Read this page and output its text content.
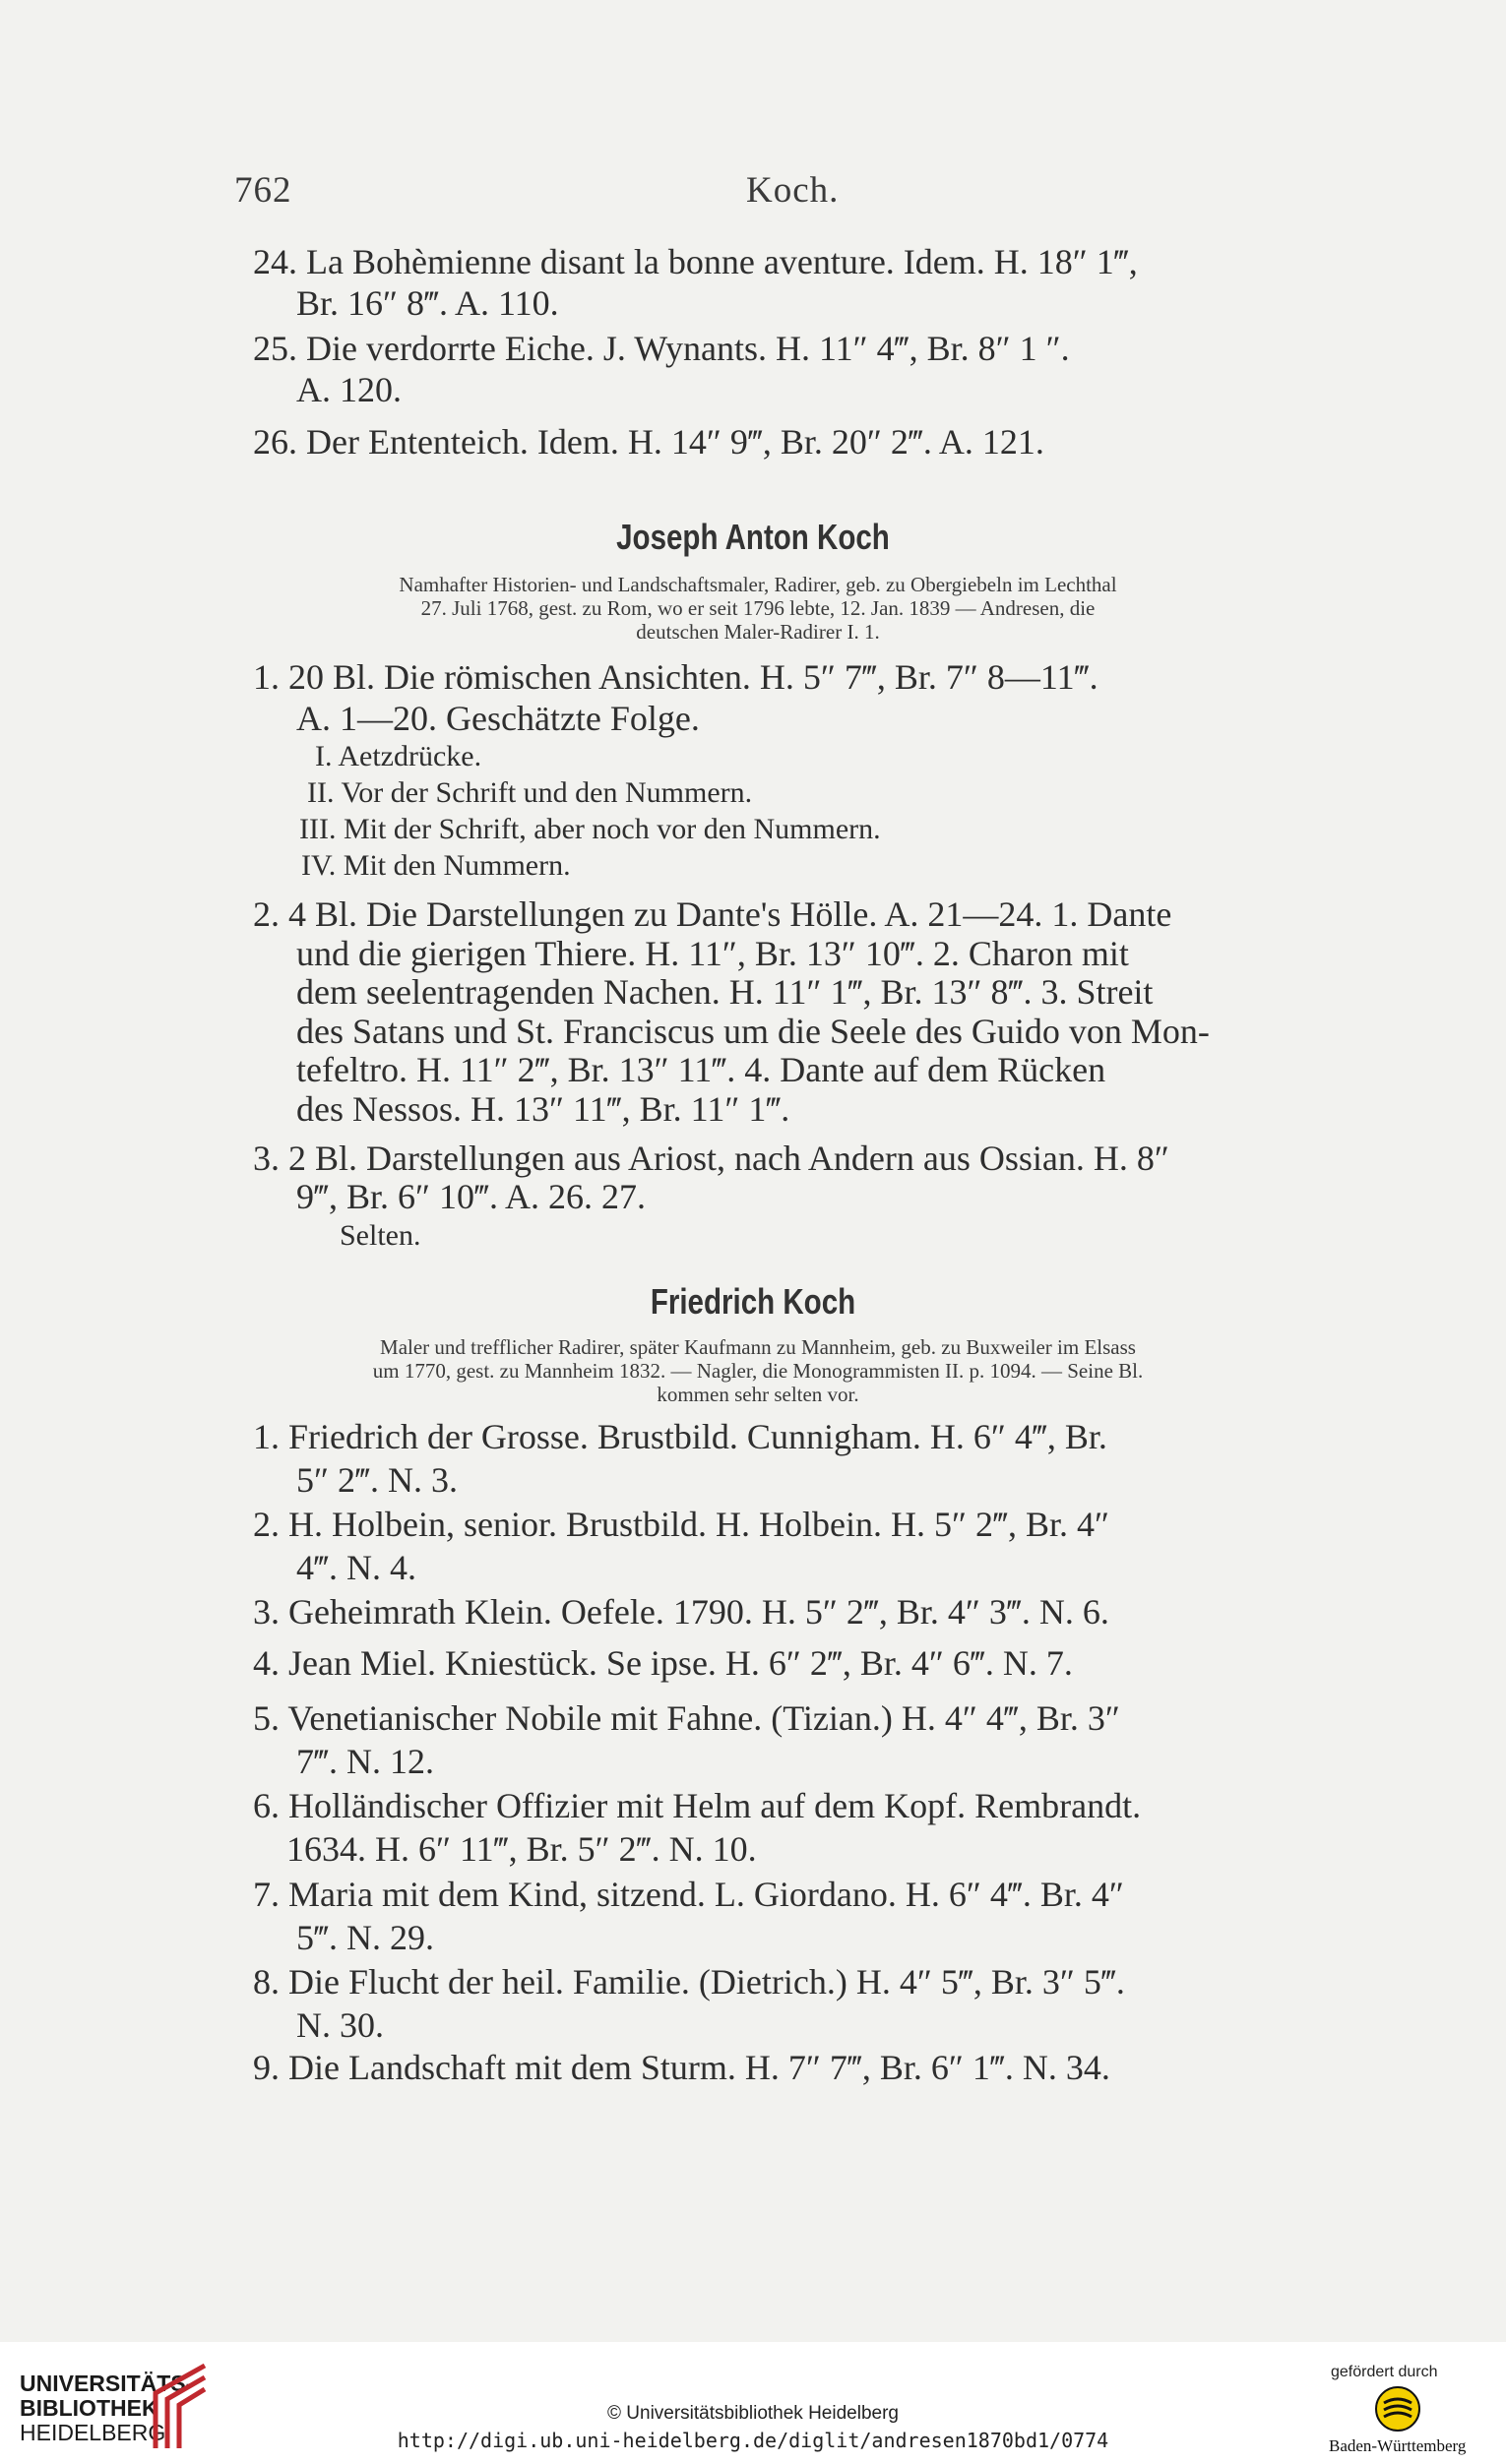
762	Koch.
24. La Bohèmienne disant la bonne aventure. Idem. H. 18″ 1‴,
Br. 16″ 8‴. A. 110.
25. Die verdorrte Eiche. J. Wynants. H. 11″ 4‴, Br. 8″ 1 ″.
A. 120.
26. Der Ententeich. Idem. H. 14″ 9‴, Br. 20″ 2‴. A. 121.
Joseph Anton Koch
Namhafter Historien- und Landschaftsmaler, Radirer, geb. zu Obergiebeln im Lechthal
27. Juli 1768, gest. zu Rom, wo er seit 1796 lebte, 12. Jan. 1839 — Andresen, die
deutschen Maler-Radirer I. 1.
1. 20 Bl. Die römischen Ansichten. H. 5″ 7‴, Br. 7″ 8—11‴.
A. 1—20. Geschätzte Folge.
I. Aetzdrücke.
II. Vor der Schrift und den Nummern.
III. Mit der Schrift, aber noch vor den Nummern.
IV. Mit den Nummern.
2. 4 Bl. Die Darstellungen zu Dante's Hölle. A. 21—24. 1. Dante
und die gierigen Thiere. H. 11″, Br. 13″ 10‴. 2. Charon mit
dem seelentragenden Nachen. H. 11″ 1‴, Br. 13″ 8‴. 3. Streit
des Satans und St. Franciscus um die Seele des Guido von Mon-
tefeltro. H. 11″ 2‴, Br. 13″ 11‴. 4. Dante auf dem Rücken
des Nessos. H. 13″ 11‴, Br. 11″ 1‴.
3. 2 Bl. Darstellungen aus Ariost, nach Andern aus Ossian. H. 8″
9‴, Br. 6″ 10‴. A. 26. 27.
Selten.
Friedrich Koch
Maler und trefflicher Radirer, später Kaufmann zu Mannheim, geb. zu Buxweiler im Elsass
um 1770, gest. zu Mannheim 1832. — Nagler, die Monogrammisten II. p. 1094. — Seine Bl.
kommen sehr selten vor.
1. Friedrich der Grosse. Brustbild. Cunnigham. H. 6″ 4‴, Br.
5″ 2‴. N. 3.
2. H. Holbein, senior. Brustbild. H. Holbein. H. 5″ 2‴, Br. 4″
4‴. N. 4.
3. Geheimrath Klein. Oefele. 1790. H. 5″ 2‴, Br. 4″ 3‴. N. 6.
4. Jean Miel. Kniestück. Se ipse. H. 6″ 2‴, Br. 4″ 6‴. N. 7.
5. Venetianischer Nobile mit Fahne. (Tizian.) H. 4″ 4‴, Br. 3″
7‴. N. 12.
6. Holländischer Offizier mit Helm auf dem Kopf. Rembrandt.
1634. H. 6″ 11‴, Br. 5″ 2‴. N. 10.
7. Maria mit dem Kind, sitzend. L. Giordano. H. 6″ 4‴. Br. 4″
5‴. N. 29.
8. Die Flucht der heil. Familie. (Dietrich.) H. 4″ 5‴, Br. 3″ 5‴.
N. 30.
9. Die Landschaft mit dem Sturm. H. 7″ 7‴, Br. 6″ 1‴. N. 34.
UNIVERSITÄTS-
BIBLIOTHEK
HEIDELBERG
© Universitätsbibliothek Heidelberg
http://digi.ub.uni-heidelberg.de/diglit/andresen1870bd1/0774
gefördert durch
Baden-Württemberg
